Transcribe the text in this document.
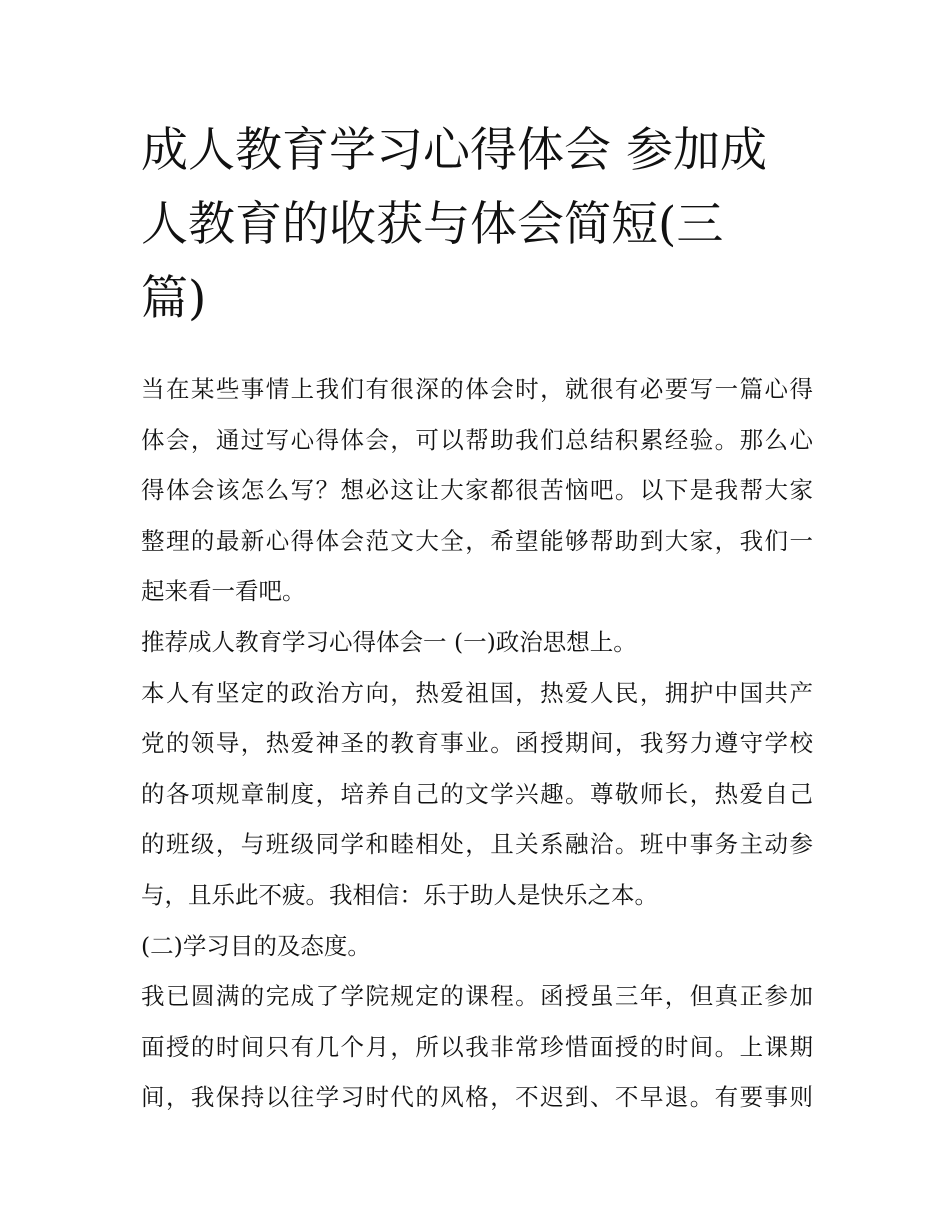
成人教育学习心得体会 参加成
人教育的收获与体会简短(三
篇)
当在某些事情上我们有很深的体会时，就很有必要写一篇心得
体会，通过写心得体会，可以帮助我们总结积累经验。那么心
得体会该怎么写？想必这让大家都很苦恼吧。以下是我帮大家
整理的最新心得体会范文大全，希望能够帮助到大家，我们一
起来看一看吧。
推荐成人教育学习心得体会一 (一)政治思想上。
本人有坚定的政治方向，热爱祖国，热爱人民，拥护中国共产
党的领导，热爱神圣的教育事业。函授期间，我努力遵守学校
的各项规章制度，培养自己的文学兴趣。尊敬师长，热爱自己
的班级，与班级同学和睦相处，且关系融洽。班中事务主动参
与，且乐此不疲。我相信：乐于助人是快乐之本。
(二)学习目的及态度。
我已圆满的完成了学院规定的课程。函授虽三年，但真正参加
面授的时间只有几个月，所以我非常珍惜面授的时间。上课期
间，我保持以往学习时代的风格，不迟到、不早退。有要事则
